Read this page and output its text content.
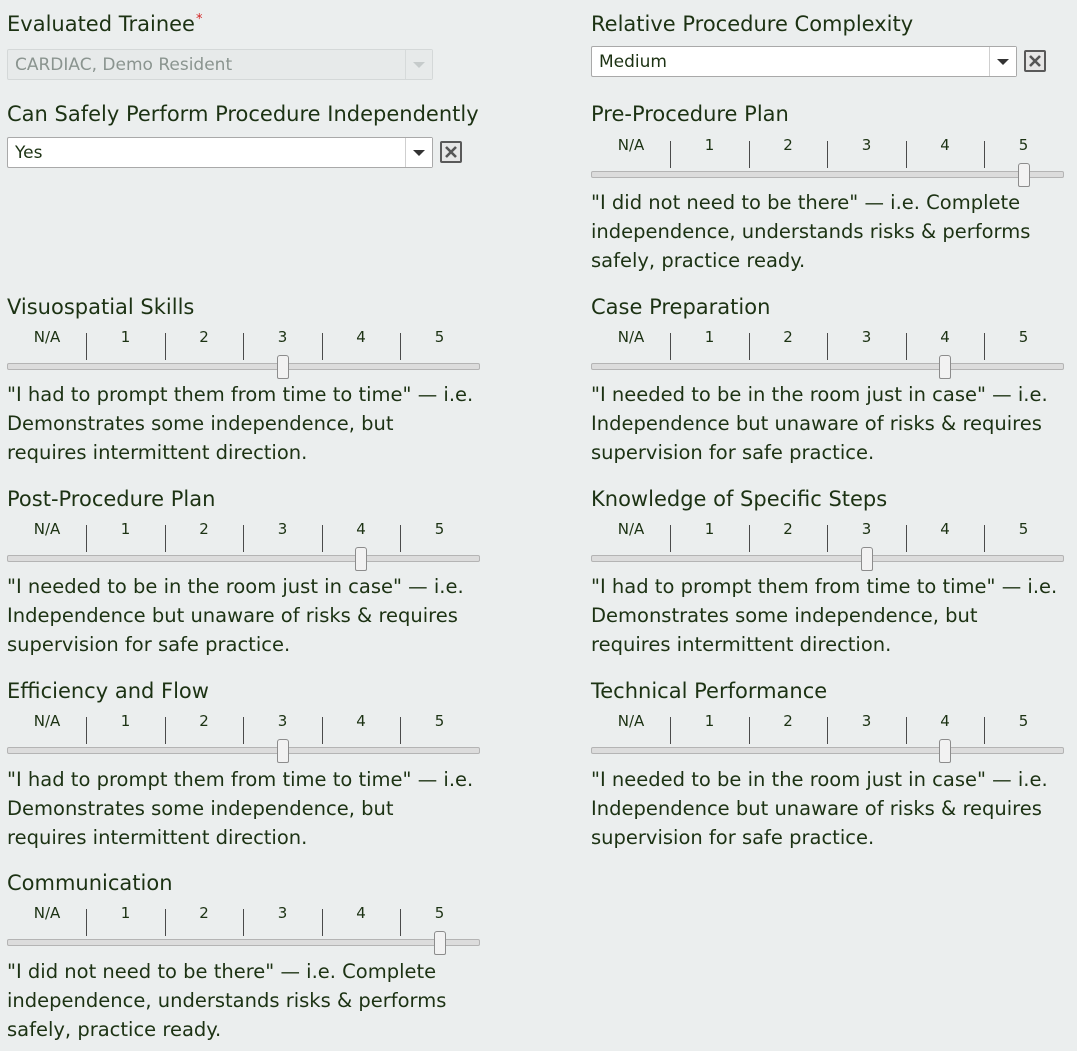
Evaluated Trainee*
CARDIAC, Demo Resident
Relative Procedure Complexity
Medium
Can Safely Perform Procedure Independently
Yes
Pre-Procedure Plan
N/A	1	2	3	4	5
"I did not need to be there" — i.e. Complete independence, understands risks & performs safely, practice ready.
Visuospatial Skills
N/A	1	2	3	4	5
"I had to prompt them from time to time" — i.e. Demonstrates some independence, but requires intermittent direction.
Case Preparation
N/A	1	2	3	4	5
"I needed to be in the room just in case" — i.e. Independence but unaware of risks & requires supervision for safe practice.
Post-Procedure Plan
N/A	1	2	3	4	5
"I needed to be in the room just in case" — i.e. Independence but unaware of risks & requires supervision for safe practice.
Knowledge of Specific Steps
N/A	1	2	3	4	5
"I had to prompt them from time to time" — i.e. Demonstrates some independence, but requires intermittent direction.
Efficiency and Flow
N/A	1	2	3	4	5
"I had to prompt them from time to time" — i.e. Demonstrates some independence, but requires intermittent direction.
Technical Performance
N/A	1	2	3	4	5
"I needed to be in the room just in case" — i.e. Independence but unaware of risks & requires supervision for safe practice.
Communication
N/A	1	2	3	4	5
"I did not need to be there" — i.e. Complete independence, understands risks & performs safely, practice ready.
